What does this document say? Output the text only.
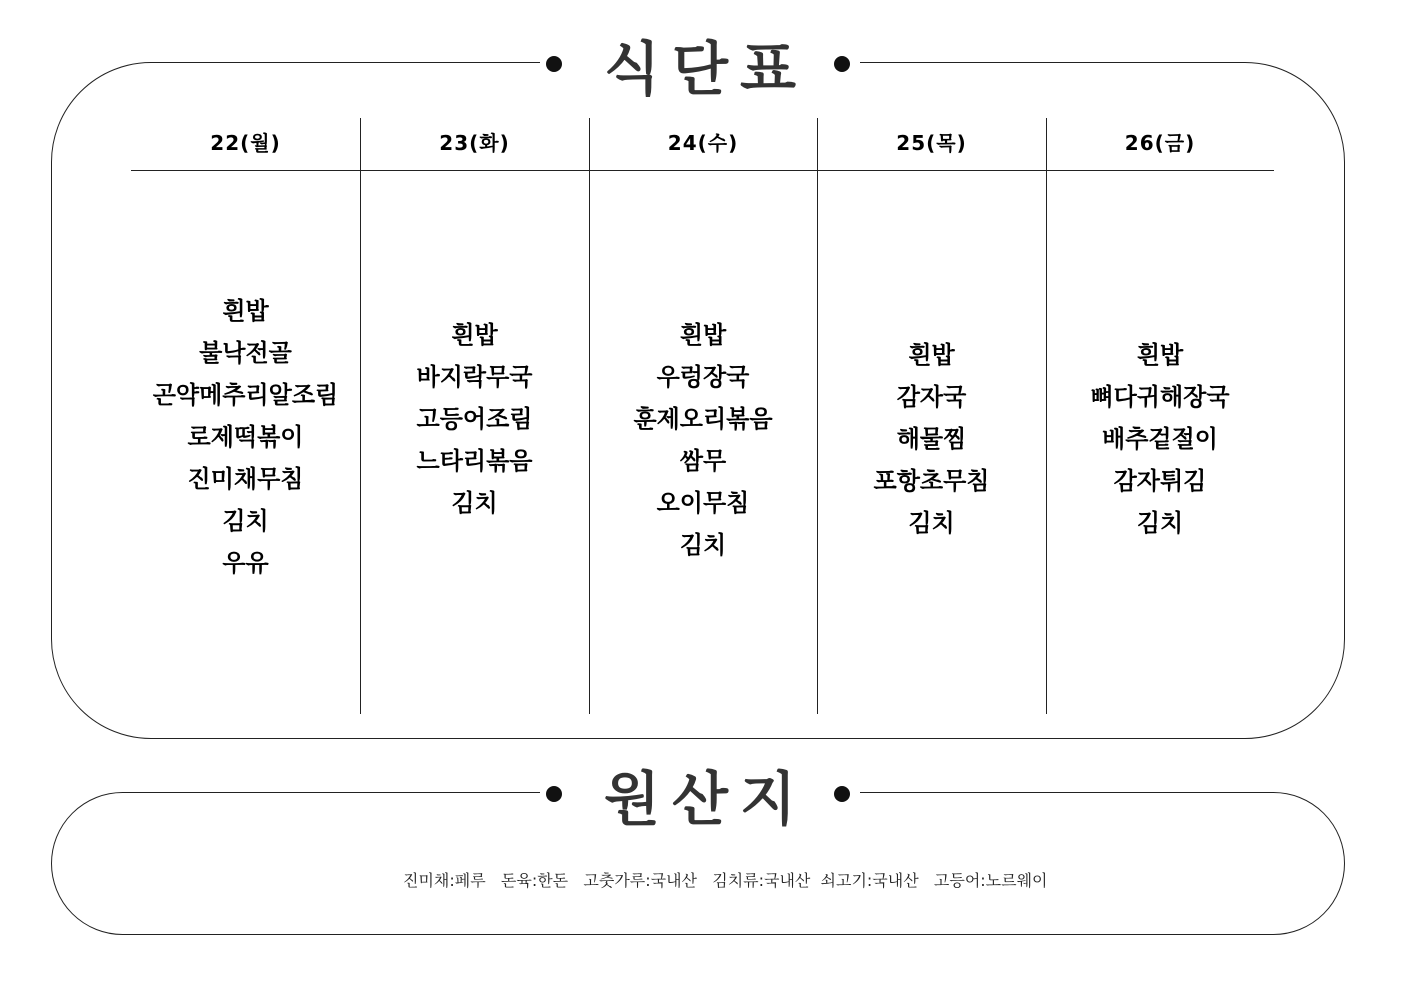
식단표
22(월)
흰밥
불낙전골
곤약메추리알조림
로제떡볶이
진미채무침
김치
우유
23(화)
흰밥
바지락무국
고등어조림
느타리볶음
김치
24(수)
흰밥
우렁장국
훈제오리볶음
쌈무
오이무침
김치
25(목)
흰밥
감자국
해물찜
포항초무침
김치
26(금)
흰밥
뼈다귀해장국
배추겉절이
감자튀김
김치
원산지
진미채:페루   돈육:한돈   고춧가루:국내산   김치류:국내산  쇠고기:국내산   고등어:노르웨이
